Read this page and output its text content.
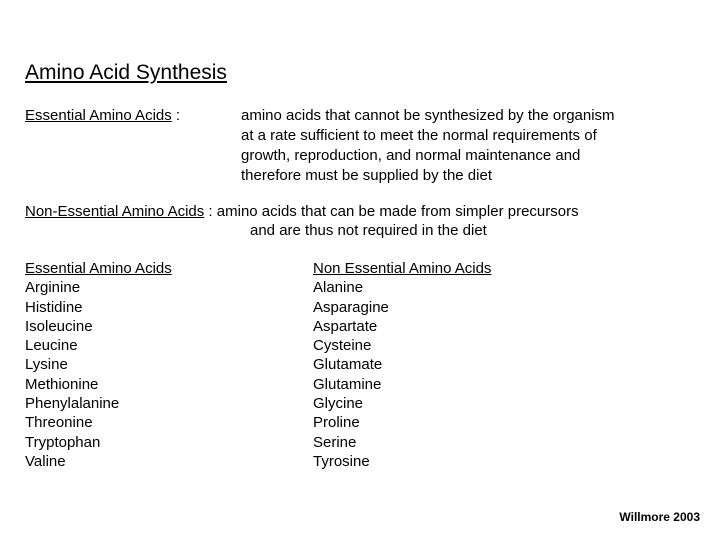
Amino Acid Synthesis
Essential Amino Acids :	amino acids that cannot be synthesized by the organism
at a rate sufficient to meet the normal requirements of
growth, reproduction, and normal maintenance and
therefore must be supplied by the diet
Non-Essential Amino Acids : amino acids that can be made from simpler precursors
and are thus not required in the diet
Essential Amino Acids
Arginine
Histidine
Isoleucine
Leucine
Lysine
Methionine
Phenylalanine
Threonine
Tryptophan
Valine
Non Essential Amino Acids
Alanine
Asparagine
Aspartate
Cysteine
Glutamate
Glutamine
Glycine
Proline
Serine
Tyrosine
Willmore 2003
